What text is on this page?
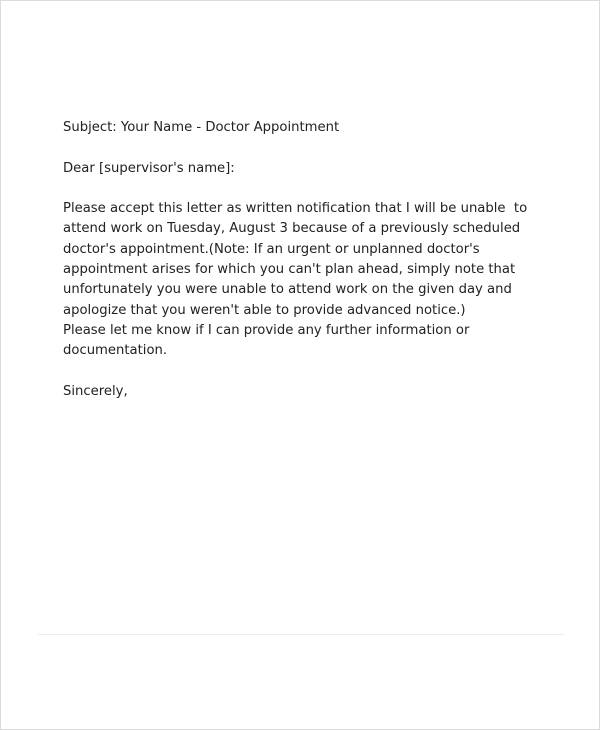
Subject: Your Name - Doctor Appointment

Dear [supervisor's name]:

Please accept this letter as written notification that I will be unable  to

attend work on Tuesday, August 3 because of a previously scheduled

doctor's appointment.(Note: If an urgent or unplanned doctor's

appointment arises for which you can't plan ahead, simply note that

unfortunately you were unable to attend work on the given day and

apologize that you weren't able to provide advanced notice.)

Please let me know if I can provide any further information or

documentation.

Sincerely,
